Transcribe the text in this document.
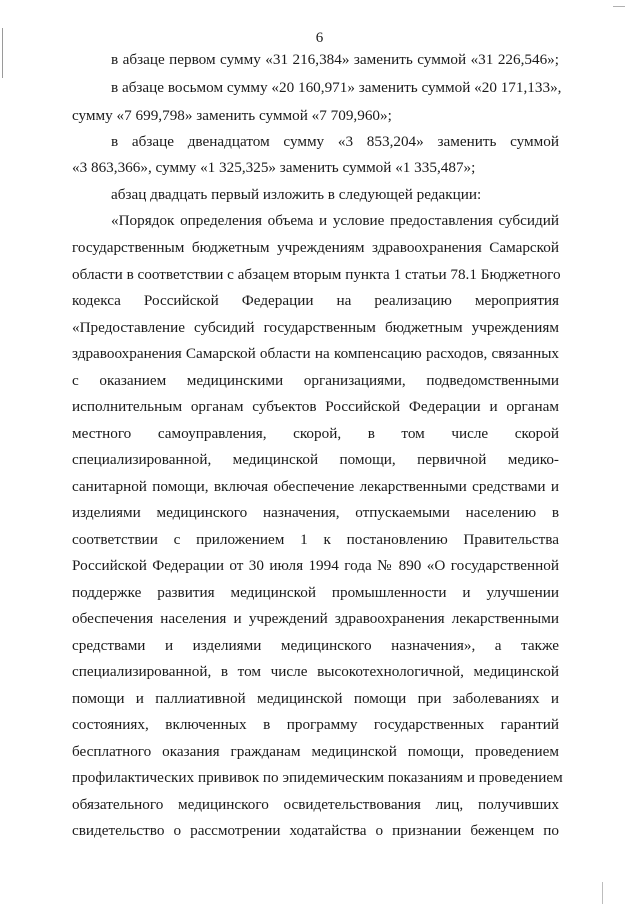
6
в абзаце первом сумму «31 216,384» заменить суммой «31 226,546»;
в абзаце восьмом сумму «20 160,971» заменить суммой «20 171,133»,
сумму «7 699,798» заменить суммой «7 709,960»;
в абзаце двенадцатом сумму «3 853,204» заменить суммой
«3 863,366», сумму «1 325,325» заменить суммой «1 335,487»;
абзац двадцать первый изложить в следующей редакции:
«Порядок определения объема и условие предоставления субсидий
государственным бюджетным учреждениям здравоохранения Самарской
области в соответствии с абзацем вторым пункта 1 статьи 78.1 Бюджетного
кодекса Российской Федерации на реализацию мероприятия
«Предоставление субсидий государственным бюджетным учреждениям
здравоохранения Самарской области на компенсацию расходов, связанных
с оказанием медицинскими организациями, подведомственными
исполнительным органам субъектов Российской Федерации и органам
местного самоуправления, скорой, в том числе скорой
специализированной, медицинской помощи, первичной медико-
санитарной помощи, включая обеспечение лекарственными средствами и
изделиями медицинского назначения, отпускаемыми населению в
соответствии с приложением 1 к постановлению Правительства
Российской Федерации от 30 июля 1994 года № 890 «О государственной
поддержке развития медицинской промышленности и улучшении
обеспечения населения и учреждений здравоохранения лекарственными
средствами и изделиями медицинского назначения», а также
специализированной, в том числе высокотехнологичной, медицинской
помощи и паллиативной медицинской помощи при заболеваниях и
состояниях, включенных в программу государственных гарантий
бесплатного оказания гражданам медицинской помощи, проведением
профилактических прививок по эпидемическим показаниям и проведением
обязательного медицинского освидетельствования лиц, получивших
свидетельство о рассмотрении ходатайства о признании беженцем по
